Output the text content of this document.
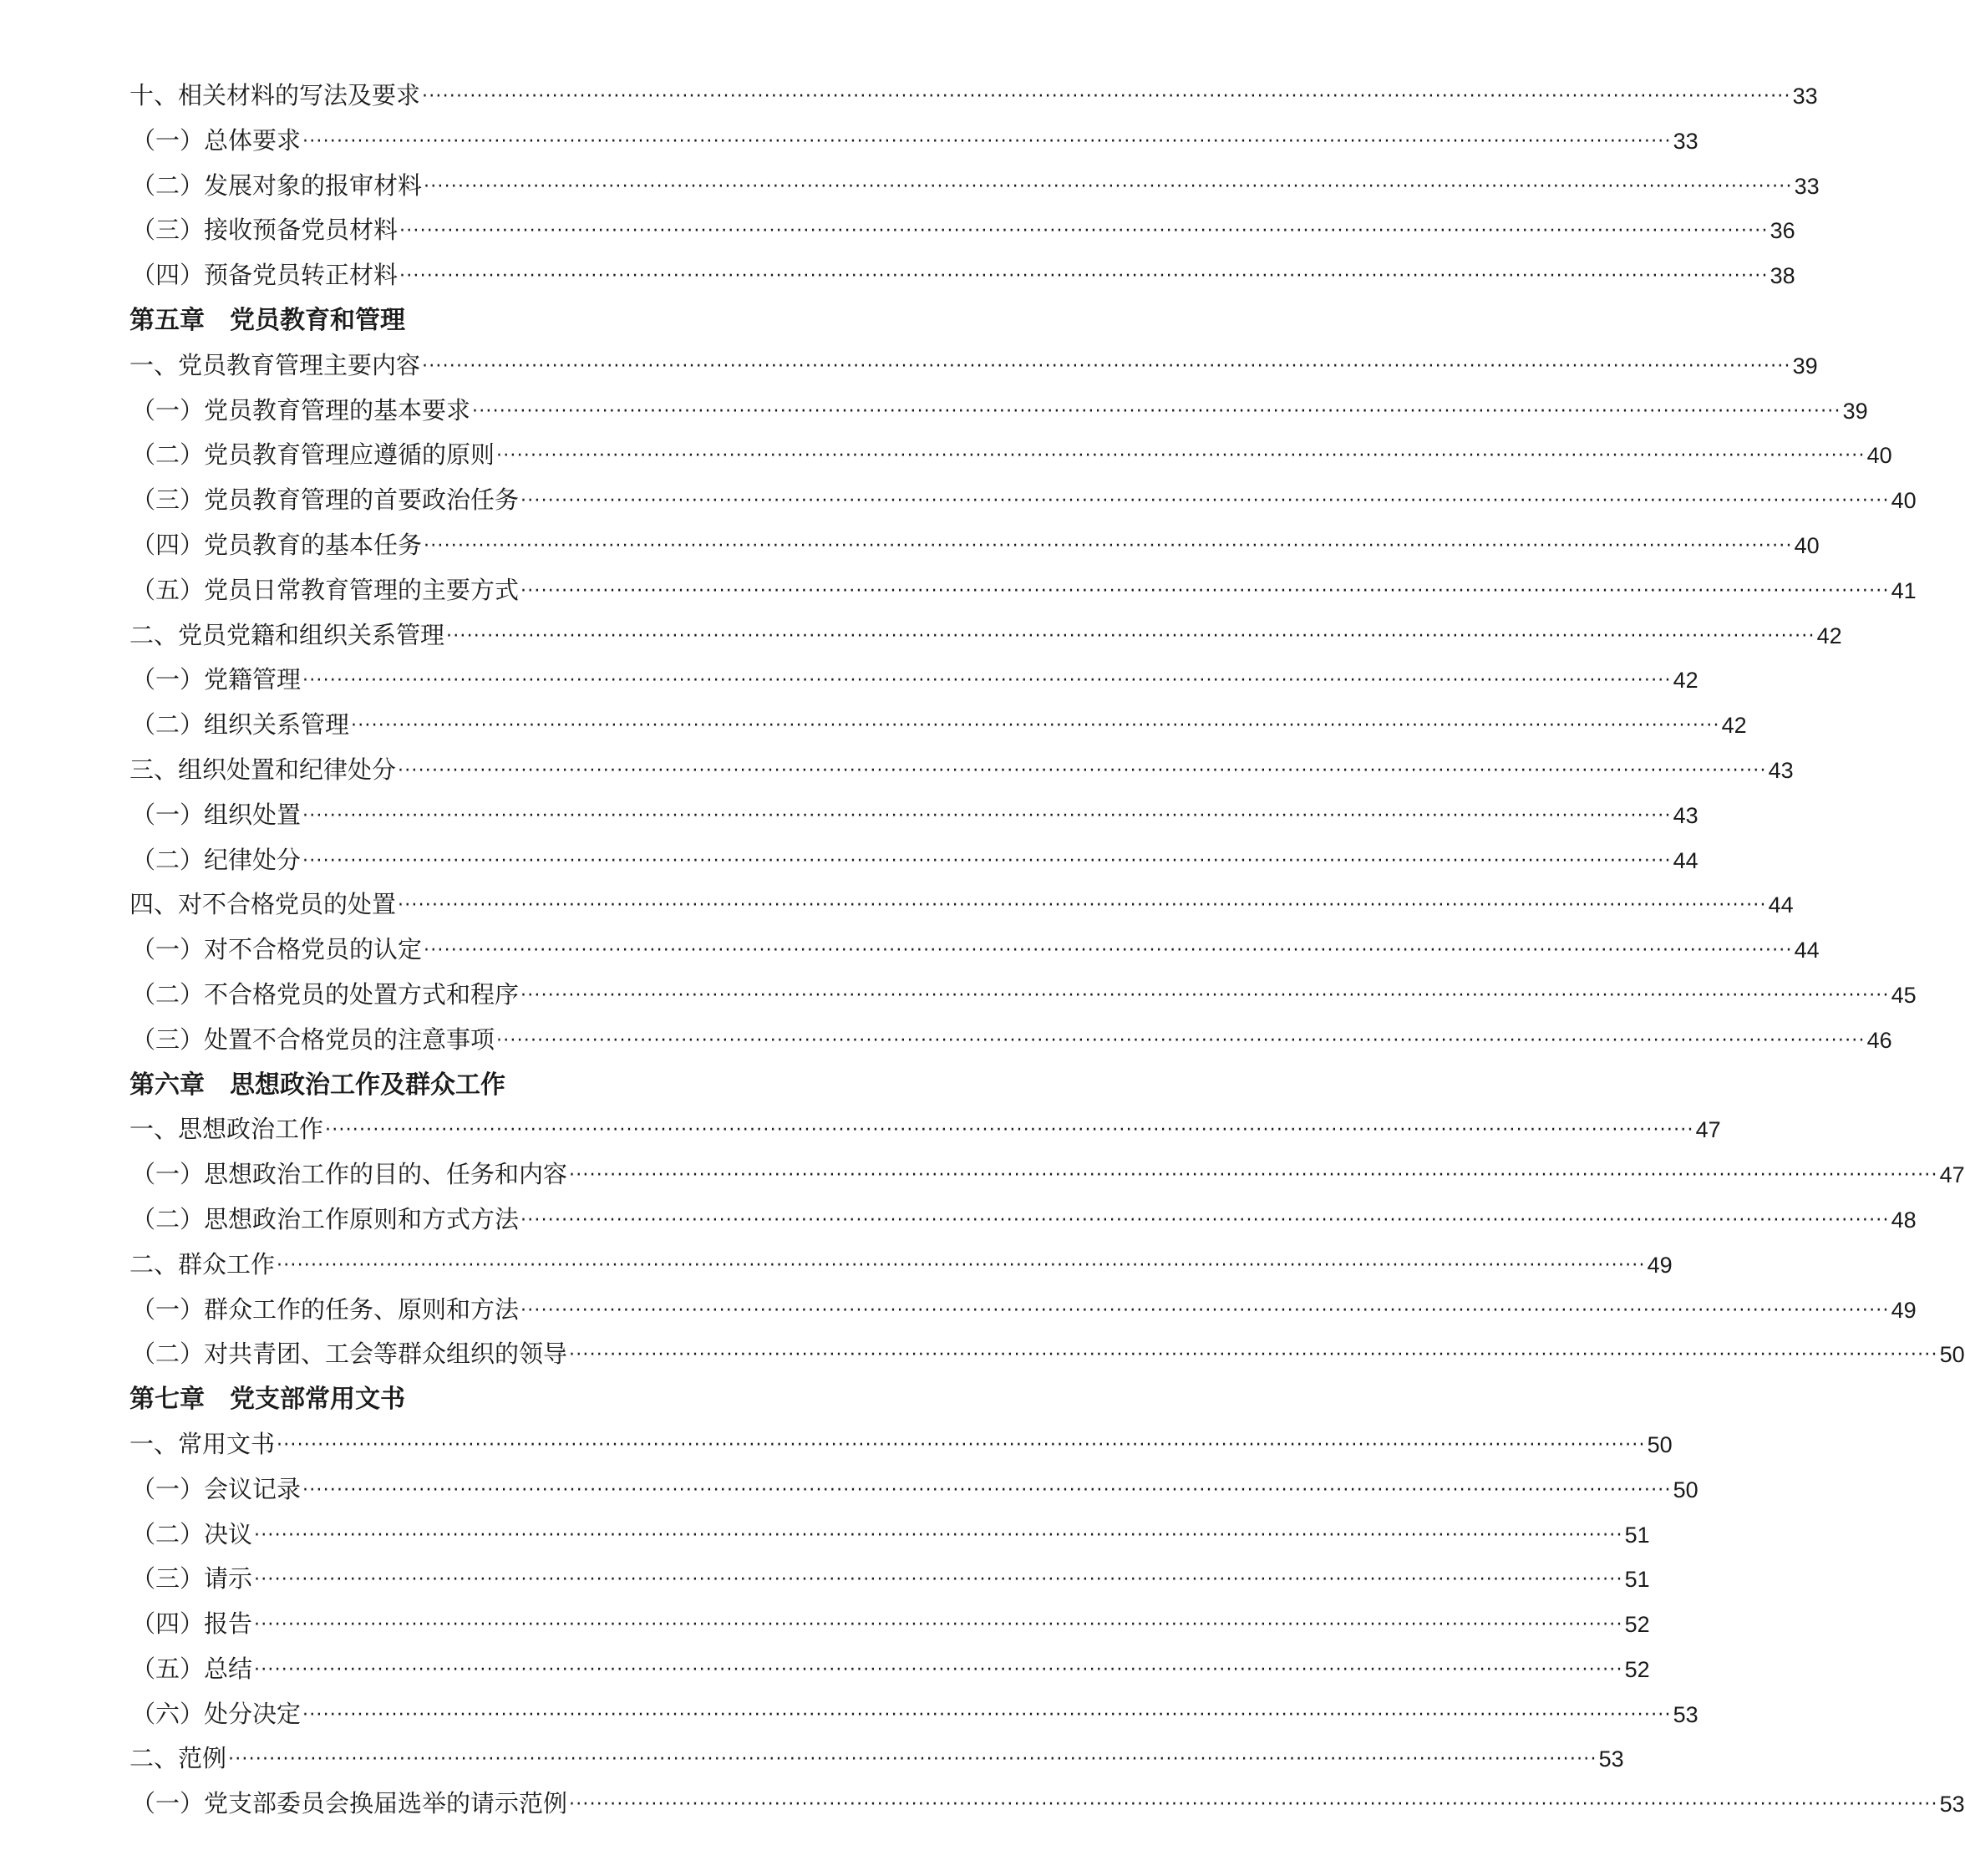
十、相关材料的写法及要求 ········································································································································································································ 33
（一）总体要求 ········································································································································································································ 33
（二）发展对象的报审材料 ········································································································································································································ 33
（三）接收预备党员材料 ········································································································································································································ 36
（四）预备党员转正材料 ········································································································································································································ 38
第五章 党员教育和管理
一、党员教育管理主要内容 ········································································································································································································ 39
（一）党员教育管理的基本要求 ········································································································································································································ 39
（二）党员教育管理应遵循的原则 ········································································································································································································ 40
（三）党员教育管理的首要政治任务 ········································································································································································································ 40
（四）党员教育的基本任务 ········································································································································································································ 40
（五）党员日常教育管理的主要方式 ········································································································································································································ 41
二、党员党籍和组织关系管理 ········································································································································································································ 42
（一）党籍管理 ········································································································································································································ 42
（二）组织关系管理 ········································································································································································································ 42
三、组织处置和纪律处分 ········································································································································································································ 43
（一）组织处置 ········································································································································································································ 43
（二）纪律处分 ········································································································································································································ 44
四、对不合格党员的处置 ········································································································································································································ 44
（一）对不合格党员的认定 ········································································································································································································ 44
（二）不合格党员的处置方式和程序 ········································································································································································································ 45
（三）处置不合格党员的注意事项 ········································································································································································································ 46
第六章 思想政治工作及群众工作
一、思想政治工作 ········································································································································································································ 47
（一）思想政治工作的目的、任务和内容 ········································································································································································································ 47
（二）思想政治工作原则和方式方法 ········································································································································································································ 48
二、群众工作 ········································································································································································································ 49
（一）群众工作的任务、原则和方法 ········································································································································································································ 49
（二）对共青团、工会等群众组织的领导 ········································································································································································································ 50
第七章 党支部常用文书
一、常用文书 ········································································································································································································ 50
（一）会议记录 ········································································································································································································ 50
（二）决议 ········································································································································································································ 51
（三）请示 ········································································································································································································ 51
（四）报告 ········································································································································································································ 52
（五）总结 ········································································································································································································ 52
（六）处分决定 ········································································································································································································ 53
二、范例 ········································································································································································································ 53
（一）党支部委员会换届选举的请示范例 ········································································································································································································ 53
